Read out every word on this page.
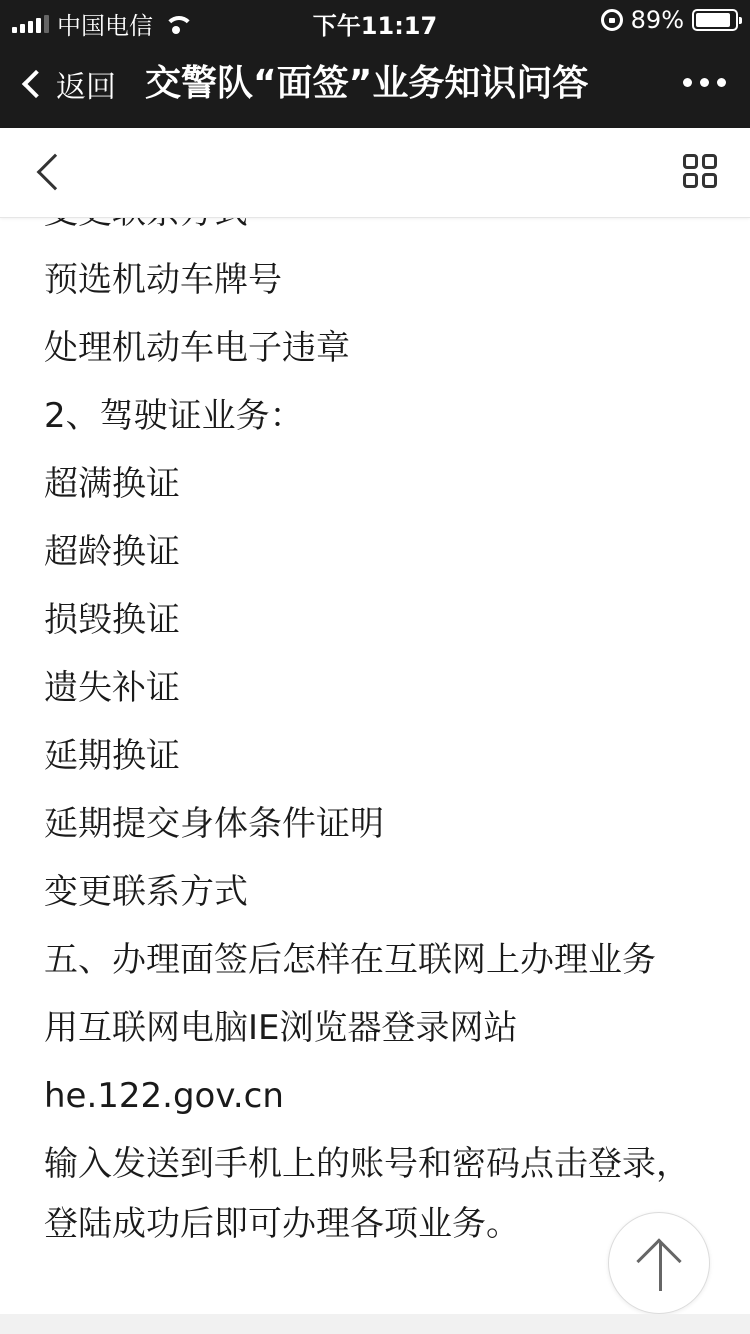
中国电信	下午11:17	89%
返回 交警队“面签”业务知识问答
预选机动车牌号
处理机动车电子违章
2、驾驶证业务：
超满换证
超龄换证
损毁换证
遗失补证
延期换证
延期提交身体条件证明
变更联系方式
五、办理面签后怎样在互联网上办理业务
用互联网电脑IE浏览器登录网站
he.122.gov.cn
输入发送到手机上的账号和密码点击登录，登陆成功后即可办理各项业务。
